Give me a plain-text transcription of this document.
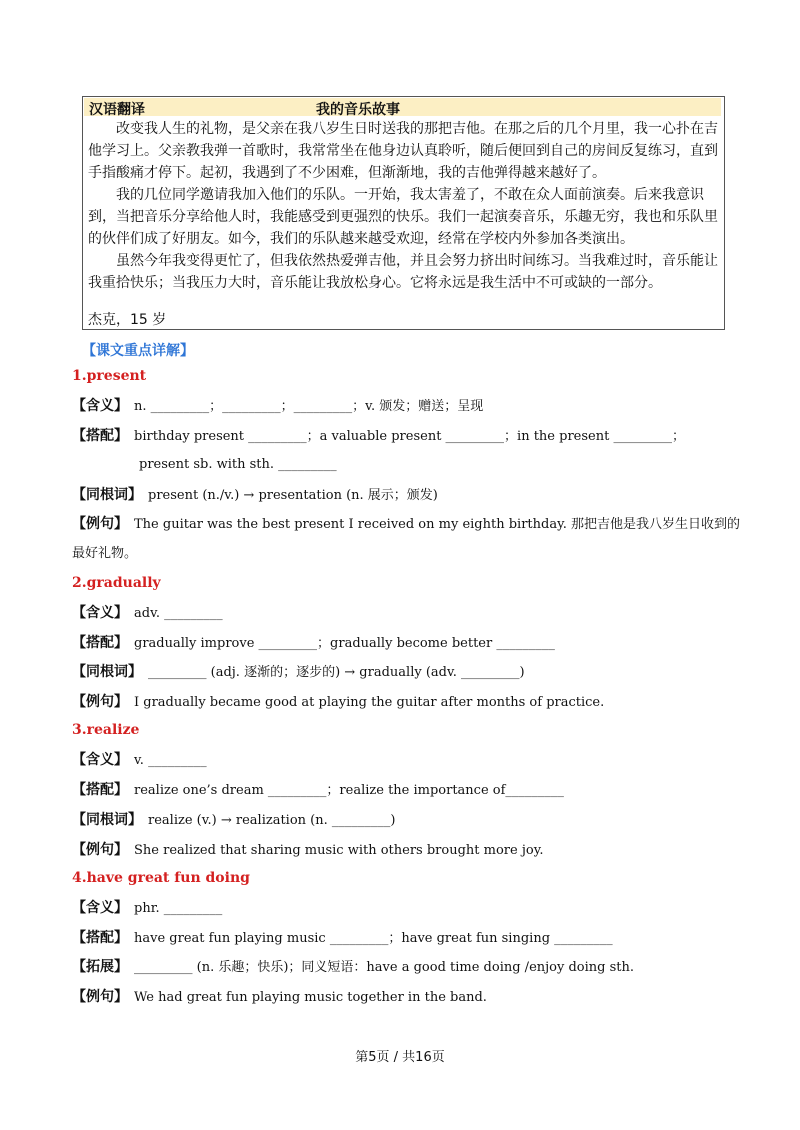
汉语翻译	我的音乐故事

改变我人生的礼物，是父亲在我八岁生日时送我的那把吉他。在那之后的几个月里，我一心扑在吉他学习上。父亲教我弹一首歌时，我常常坐在他身边认真聆听，随后便回到自己的房间反复练习，直到手指酸痛才停下。起初，我遇到了不少困难，但渐渐地，我的吉他弹得越来越好了。

我的几位同学邀请我加入他们的乐队。一开始，我太害羞了，不敢在众人面前演奏。后来我意识到，当把音乐分享给他人时，我能感受到更强烈的快乐。我们一起演奏音乐，乐趣无穷，我也和乐队里的伙伴们成了好朋友。如今，我们的乐队越来越受欢迎，经常在学校内外参加各类演出。

虽然今年我变得更忙了，但我依然热爱弹吉他，并且会努力挤出时间练习。当我难过时，音乐能让我重拾快乐；当我压力大时，音乐能让我放松身心。它将永远是我生活中不可或缺的一部分。

杰克，15 岁
【课文重点详解】
1.present
【含义】 n. _________；_________；_________；v. 颁发；赠送；呈现
【搭配】 birthday present _________；a valuable present _________；in the present _________；
present sb. with sth. _________
【同根词】 present (n./v.) → presentation (n. 展示；颁发)
【例句】 The guitar was the best present I received on my eighth birthday. 那把吉他是我八岁生日收到的
最好礼物。
2.gradually
【含义】 adv. _________
【搭配】 gradually improve _________；gradually become better _________
【同根词】 _________ (adj. 逐渐的；逐步的) → gradually (adv. _________)
【例句】 I gradually became good at playing the guitar after months of practice.
3.realize
【含义】 v. _________
【搭配】 realize one’s dream _________；realize the importance of_________
【同根词】 realize (v.) → realization (n. _________)
【例句】 She realized that sharing music with others brought more joy.
4.have great fun doing
【含义】 phr. _________
【搭配】 have great fun playing music _________；have great fun singing _________
【拓展】 _________ (n. 乐趣；快乐)；同义短语：have a good time doing /enjoy doing sth.
【例句】 We had great fun playing music together in the band.
第5页 / 共16页
